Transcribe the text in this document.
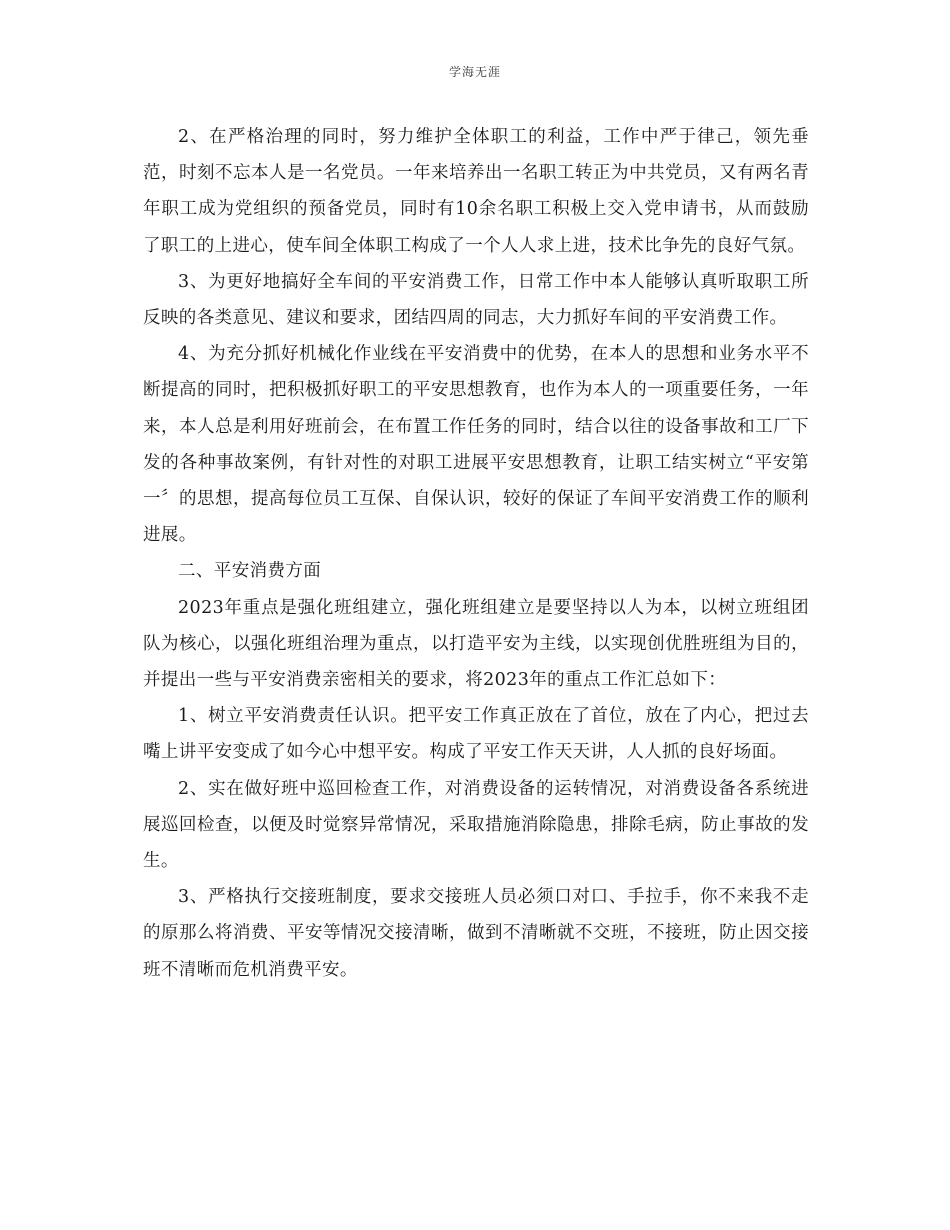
学海无涯

2、在严格治理的同时，努力维护全体职工的利益，工作中严于律己，领先垂范，时刻不忘本人是一名党员。一年来培养出一名职工转正为中共党员，又有两名青年职工成为党组织的预备党员，同时有10余名职工积极上交入党申请书，从而鼓励了职工的上进心，使车间全体职工构成了一个人人求上进，技术比争先的良好气氛。

3、为更好地搞好全车间的平安消费工作，日常工作中本人能够认真听取职工所反映的各类意见、建议和要求，团结四周的同志，大力抓好车间的平安消费工作。

4、为充分抓好机械化作业线在平安消费中的优势，在本人的思想和业务水平不断提高的同时，把积极抓好职工的平安思想教育，也作为本人的一项重要任务，一年来，本人总是利用好班前会，在布置工作任务的同时，结合以往的设备事故和工厂下发的各种事故案例，有针对性的对职工进展平安思想教育，让职工结实树立“平安第一〞的思想，提高每位员工互保、自保认识，较好的保证了车间平安消费工作的顺利进展。

二、平安消费方面

2023年重点是强化班组建立，强化班组建立是要坚持以人为本，以树立班组团队为核心，以强化班组治理为重点，以打造平安为主线，以实现创优胜班组为目的，并提出一些与平安消费亲密相关的要求，将2023年的重点工作汇总如下：

1、树立平安消费责任认识。把平安工作真正放在了首位，放在了内心，把过去嘴上讲平安变成了如今心中想平安。构成了平安工作天天讲，人人抓的良好场面。

2、实在做好班中巡回检查工作，对消费设备的运转情况，对消费设备各系统进展巡回检查，以便及时觉察异常情况，采取措施消除隐患，排除毛病，防止事故的发生。

3、严格执行交接班制度，要求交接班人员必须口对口、手拉手，你不来我不走的原那么将消费、平安等情况交接清晰，做到不清晰就不交班，不接班，防止因交接班不清晰而危机消费平安。
